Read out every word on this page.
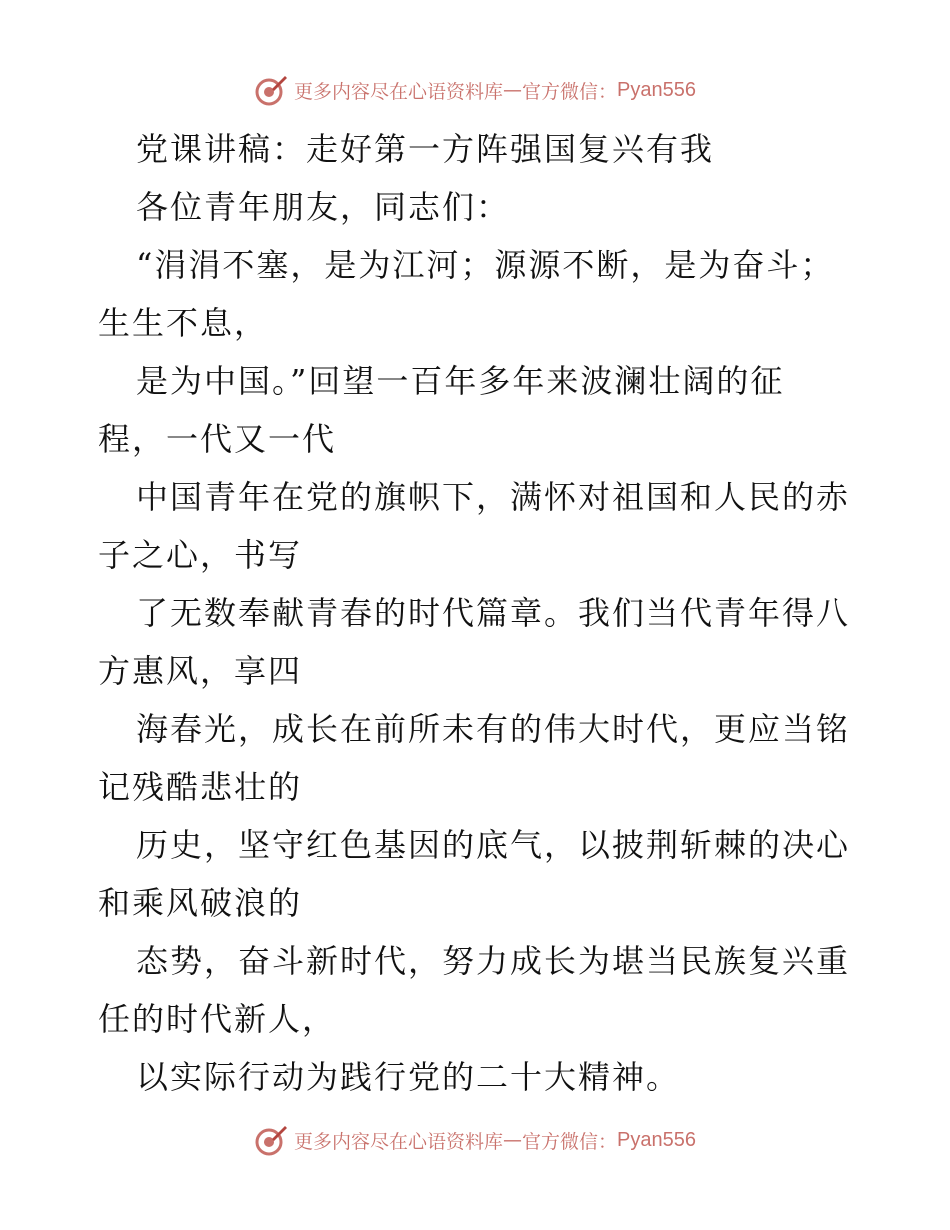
更多内容尽在心语资料库 — 官方微信： Pyan556
党课讲稿：走好第一方阵强国复兴有我
各位青年朋友，同志们：
“涓涓不塞，是为江河；源源不断，是为奋斗；
生生不息，
是为中国。”回望一百年多年来波澜壮阔的征
程，一代又一代
中国青年在党的旗帜下，满怀对祖国和人民的赤
子之心，书写
了无数奉献青春的时代篇章。我们当代青年得八
方惠风，享四
海春光，成长在前所未有的伟大时代，更应当铭
记残酷悲壮的
历史，坚守红色基因的底气，以披荆斩棘的决心
和乘风破浪的
态势，奋斗新时代，努力成长为堪当民族复兴重
任的时代新人，
以实际行动为践行党的二十大精神。
更多内容尽在心语资料库 — 官方微信： Pyan556
